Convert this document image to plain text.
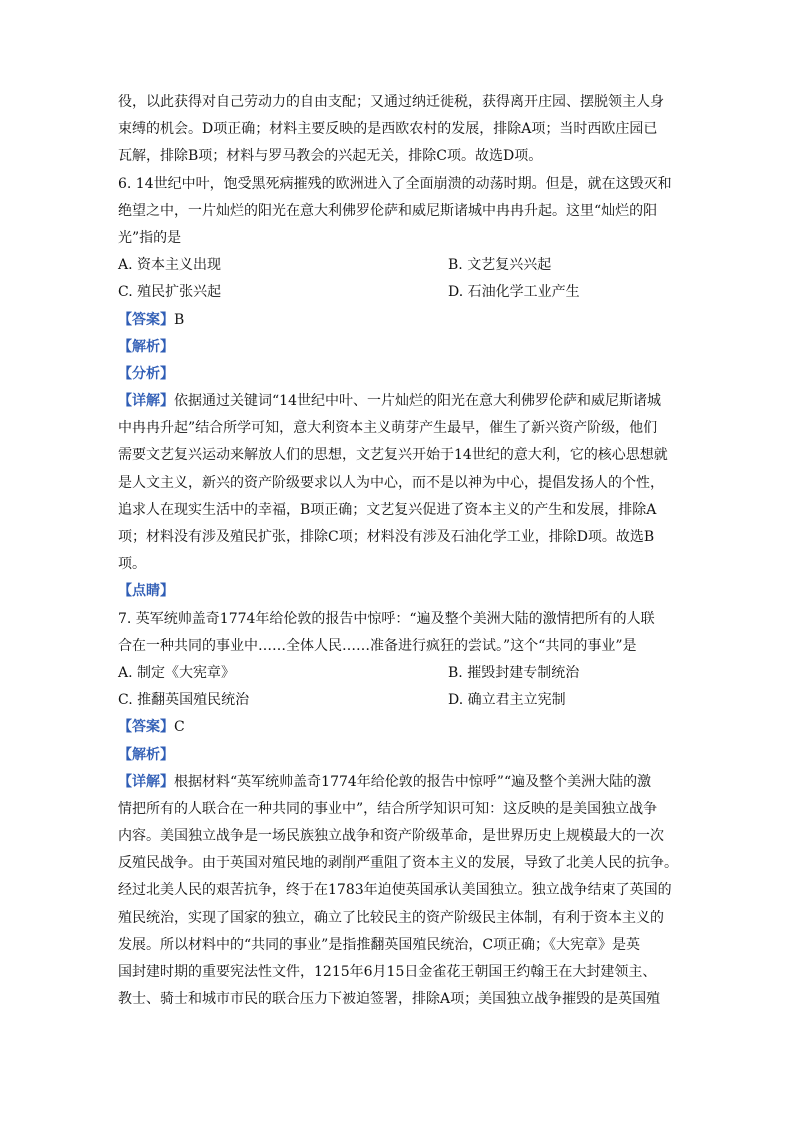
役，以此获得对自己劳动力的自由支配；又通过纳迁徙税，获得离开庄园、摆脱领主人身
束缚的机会。D项正确；材料主要反映的是西欧农村的发展，排除A项；当时西欧庄园已
瓦解，排除B项；材料与罗马教会的兴起无关，排除C项。故选D项。
6. 14世纪中叶，饱受黑死病摧残的欧洲进入了全面崩溃的动荡时期。但是，就在这毁灭和
绝望之中，一片灿烂的阳光在意大利佛罗伦萨和威尼斯诸城中冉冉升起。这里“灿烂的阳
光”指的是
A. 资本主义出现	B. 文艺复兴兴起
C. 殖民扩张兴起	D. 石油化学工业产生
【答案】B
【解析】
【分析】
【详解】依据通过关键词“14世纪中叶、一片灿烂的阳光在意大利佛罗伦萨和威尼斯诸城
中冉冉升起”结合所学可知，意大利资本主义萌芽产生最早，催生了新兴资产阶级，他们
需要文艺复兴运动来解放人们的思想，文艺复兴开始于14世纪的意大利，它的核心思想就
是人文主义，新兴的资产阶级要求以人为中心，而不是以神为中心，提倡发扬人的个性，
追求人在现实生活中的幸福，B项正确；文艺复兴促进了资本主义的产生和发展，排除A
项；材料没有涉及殖民扩张，排除C项；材料没有涉及石油化学工业，排除D项。故选B
项。
【点睛】
7. 英军统帅盖奇1774年给伦敦的报告中惊呼：“遍及整个美洲大陆的激情把所有的人联
合在一种共同的事业中……全体人民……准备进行疯狂的尝试。”这个“共同的事业”是
A. 制定《大宪章》	B. 摧毁封建专制统治
C. 推翻英国殖民统治	D. 确立君主立宪制
【答案】C
【解析】
【详解】根据材料“英军统帅盖奇1774年给伦敦的报告中惊呼”“遍及整个美洲大陆的激
情把所有的人联合在一种共同的事业中”，结合所学知识可知：这反映的是美国独立战争
内容。美国独立战争是一场民族独立战争和资产阶级革命，是世界历史上规模最大的一次
反殖民战争。由于英国对殖民地的剥削严重阻了资本主义的发展，导致了北美人民的抗争。
经过北美人民的艰苦抗争，终于在1783年迫使英国承认美国独立。独立战争结束了英国的
殖民统治，实现了国家的独立，确立了比较民主的资产阶级民主体制，有利于资本主义的
发展。所以材料中的“共同的事业”是指推翻英国殖民统治，C项正确；《大宪章》是英
国封建时期的重要宪法性文件，1215年6月15日金雀花王朝国王约翰王在大封建领主、
教士、骑士和城市市民的联合压力下被迫签署，排除A项；美国独立战争摧毁的是英国殖
